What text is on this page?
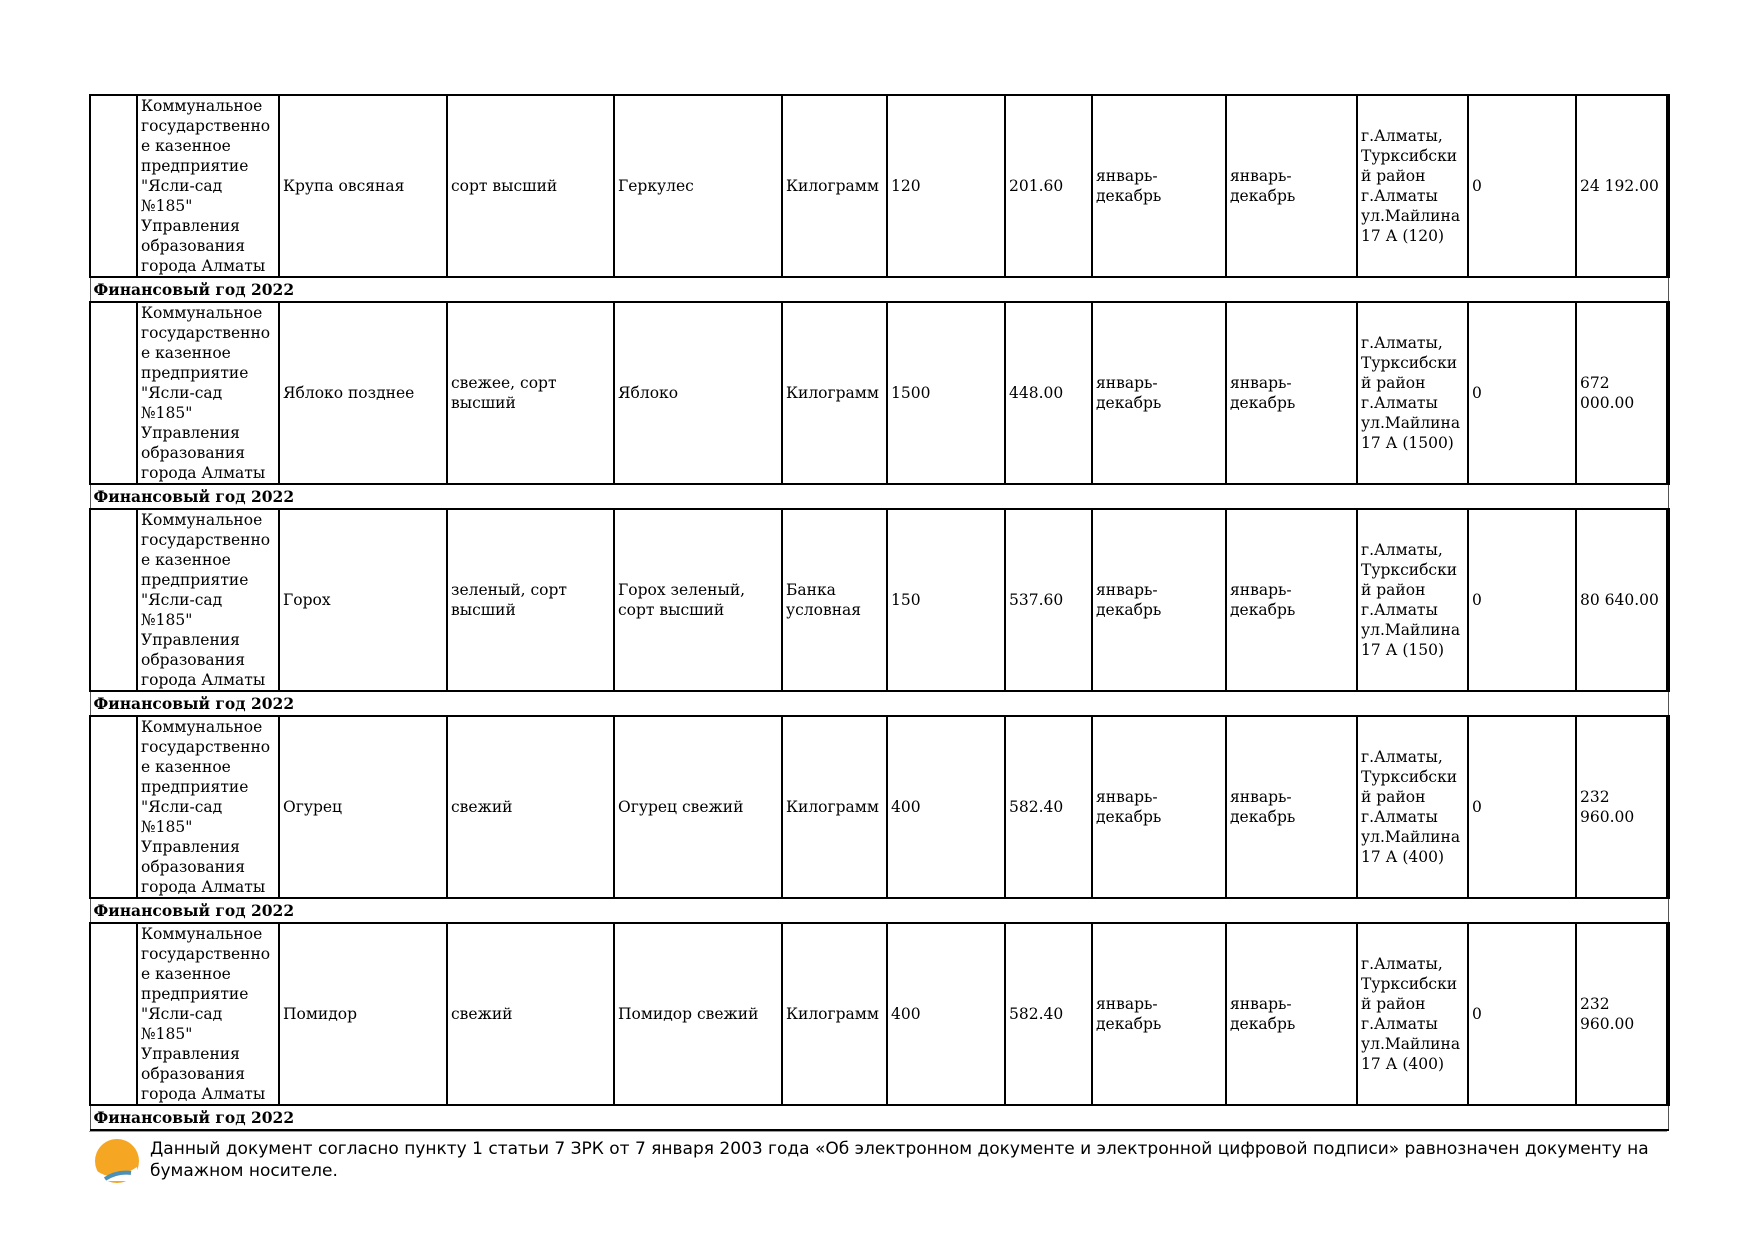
	Коммунальное государственное казенное предприятие "Ясли-сад №185" Управления образования города Алматы	Крупа овсяная	сорт высший	Геркулес	Килограмм	120	201.60	январь-декабрь	январь-декабрь	г.Алматы, Турксибский район г.Алматы ул.Майлина 17 А (120)	0	24 192.00
Финансовый год 2022												
	Коммунальное государственное казенное предприятие "Ясли-сад №185" Управления образования города Алматы	Яблоко позднее	свежее, сорт высший	Яблоко	Килограмм	1500	448.00	январь-декабрь	январь-декабрь	г.Алматы, Турксибский район г.Алматы ул.Майлина 17 А (1500)	0	672 000.00
Финансовый год 2022												
	Коммунальное государственное казенное предприятие "Ясли-сад №185" Управления образования города Алматы	Горох	зеленый, сорт высший	Горох зеленый, сорт высший	Банка условная	150	537.60	январь-декабрь	январь-декабрь	г.Алматы, Турксибский район г.Алматы ул.Майлина 17 А (150)	0	80 640.00
Финансовый год 2022												
	Коммунальное государственное казенное предприятие "Ясли-сад №185" Управления образования города Алматы	Огурец	свежий	Огурец свежий	Килограмм	400	582.40	январь-декабрь	январь-декабрь	г.Алматы, Турксибский район г.Алматы ул.Майлина 17 А (400)	0	232 960.00
Финансовый год 2022												
	Коммунальное государственное казенное предприятие "Ясли-сад №185" Управления образования города Алматы	Помидор	свежий	Помидор свежий	Килограмм	400	582.40	январь-декабрь	январь-декабрь	г.Алматы, Турксибский район г.Алматы ул.Майлина 17 А (400)	0	232 960.00
Финансовый год 2022												
Данный документ согласно пункту 1 статьи 7 ЗРК от 7 января 2003 года «Об электронном документе и электронной цифровой подписи» равнозначен документу на бумажном носителе.
